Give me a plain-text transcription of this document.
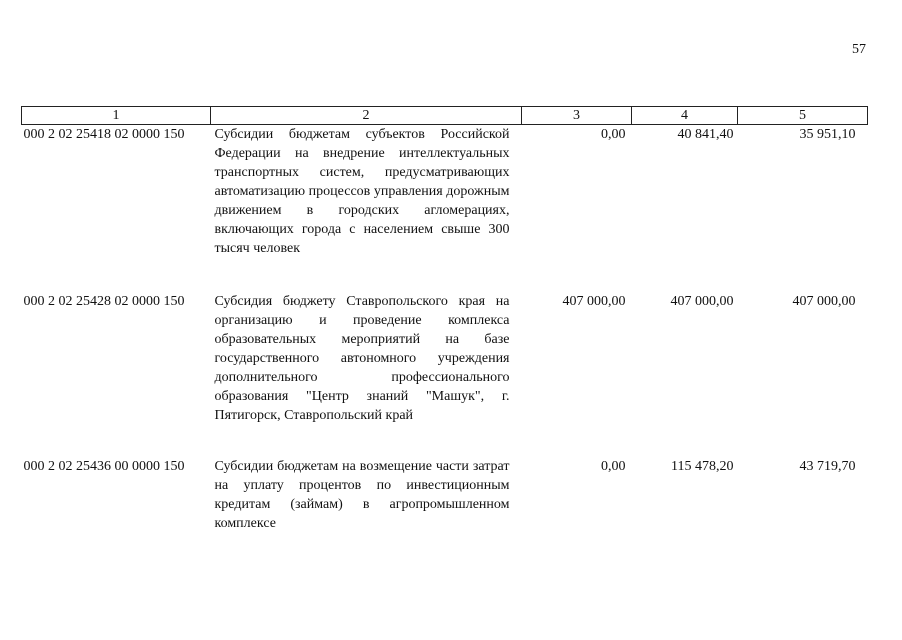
57
1	2	3	4	5
000 2 02 25418 02 0000 150	Субсидии бюджетам субъектов Российской Федерации на внедрение интеллектуальных транспортных систем, предусматривающих автоматизацию процессов управления дорожным движением в городских агломерациях, включающих города с населением свыше 300 тысяч человек	0,00	40 841,40	35 951,10
000 2 02 25428 02 0000 150	Субсидия бюджету Ставропольского края на организацию и проведение комплекса образовательных мероприятий на базе государственного автономного учреждения дополнительного профессионального образования "Центр знаний "Машук", г. Пятигорск, Ставропольский край	407 000,00	407 000,00	407 000,00
000 2 02 25436 00 0000 150	Субсидии бюджетам на возмещение части затрат на уплату процентов по инвестиционным кредитам (займам) в агропромышленном комплексе	0,00	115 478,20	43 719,70
